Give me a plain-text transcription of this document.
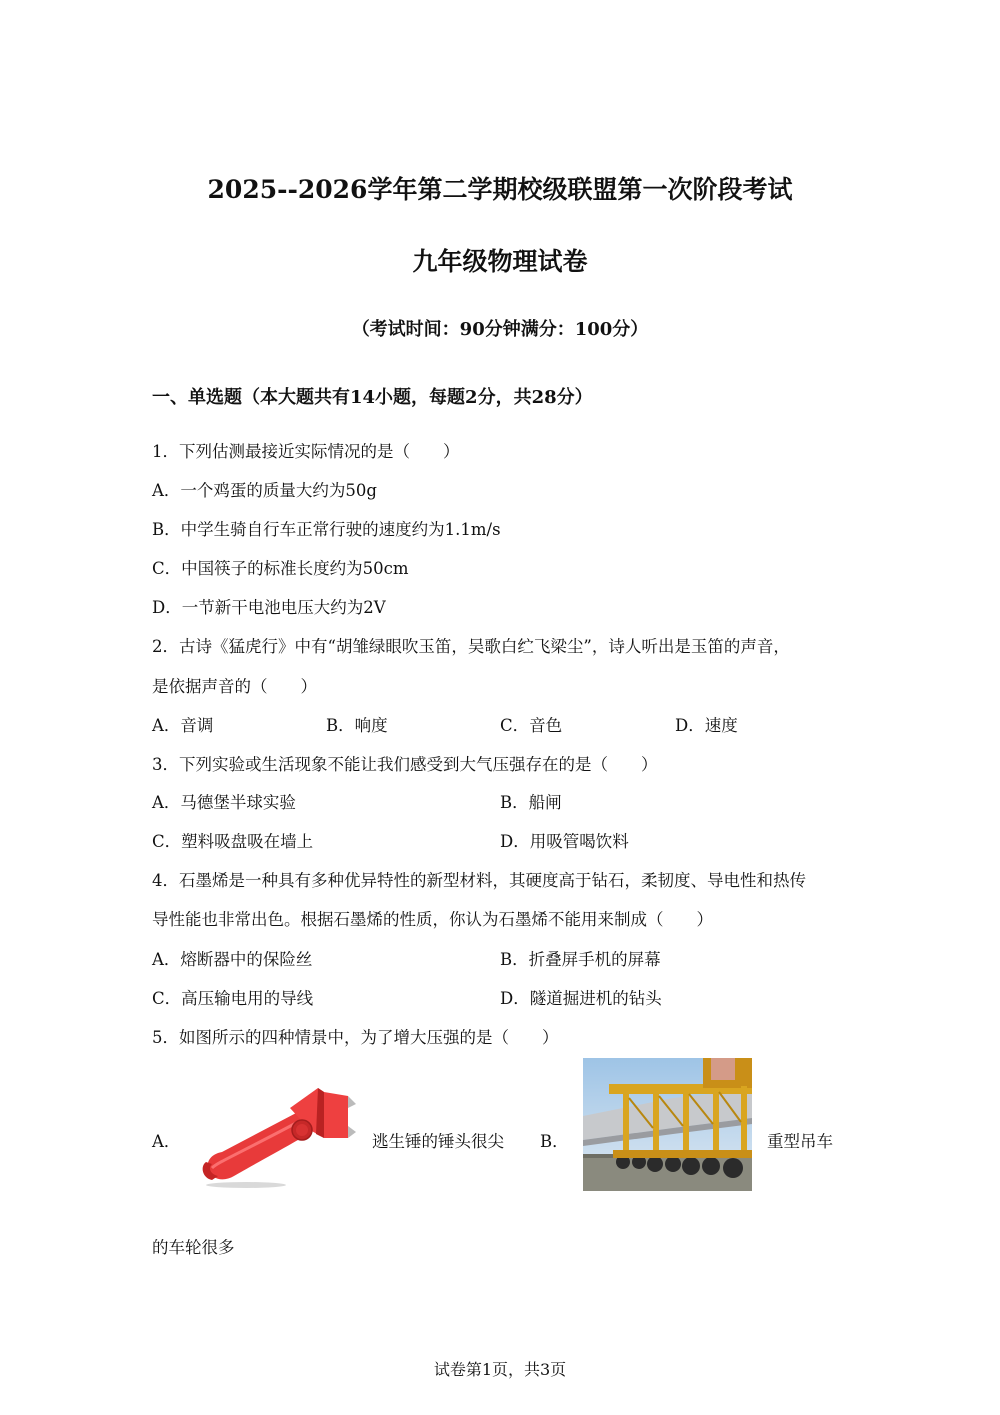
2025--2026学年第二学期校级联盟第一次阶段考试
九年级物理试卷
（考试时间：90分钟满分：100分）
一、单选题（本大题共有14小题，每题2分，共28分）
1．下列估测最接近实际情况的是（　　）
A．一个鸡蛋的质量大约为50g
B．中学生骑自行车正常行驶的速度约为1.1m/s
C．中国筷子的标准长度约为50cm
D．一节新干电池电压大约为2V
2．古诗《猛虎行》中有“胡雏绿眼吹玉笛，吴歌白纻飞梁尘”，诗人听出是玉笛的声音，
是依据声音的（　　）
A．音调	B．响度	C．音色	D．速度
3．下列实验或生活现象不能让我们感受到大气压强存在的是（　　）
A．马德堡半球实验	B．船闸
C．塑料吸盘吸在墙上	D．用吸管喝饮料
4．石墨烯是一种具有多种优异特性的新型材料，其硬度高于钻石，柔韧度、导电性和热传
导性能也非常出色。根据石墨烯的性质，你认为石墨烯不能用来制成（　　）
A．熔断器中的保险丝	B．折叠屏手机的屏幕
C．高压输电用的导线	D．隧道掘进机的钻头
5．如图所示的四种情景中，为了增大压强的是（　　）
A．	逃生锤的锤头很尖 B．	重型吊车
的车轮很多
试卷第1页，共3页
